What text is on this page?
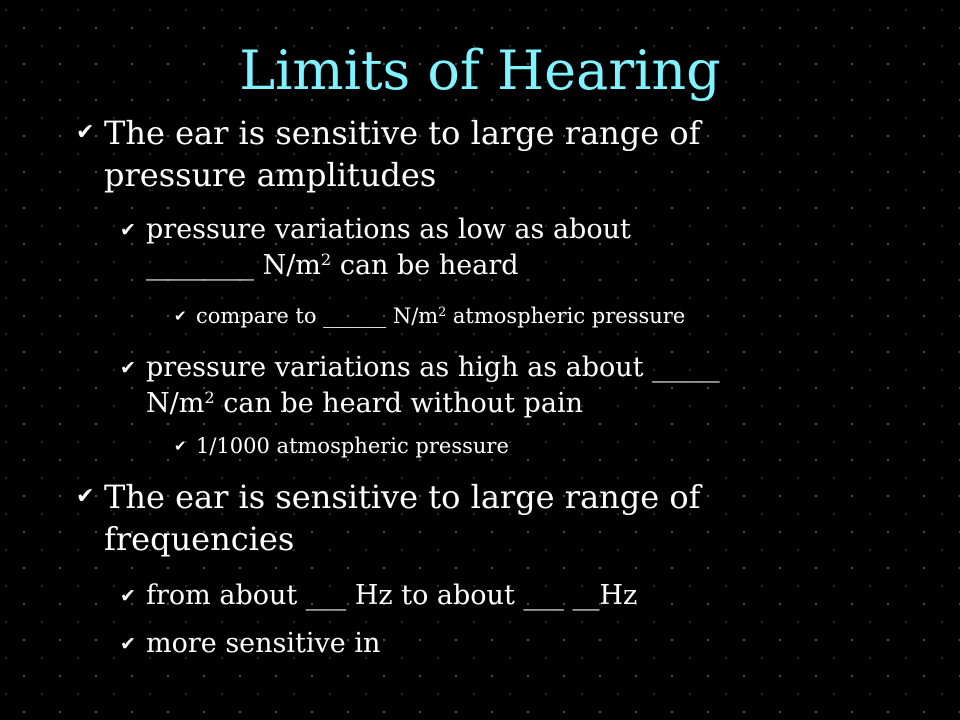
Limits of Hearing
✔ The ear is sensitive to large range of
pressure amplitudes
✔ pressure variations as low as about
________ $N/m^2$ can be heard
✔ compare to ______ $N/m^2$ atmospheric pressure
✔ pressure variations as high as about _____
$N/m^2$ can be heard without pain
✔ 1/1000 atmospheric pressure
✔ The ear is sensitive to large range of
frequencies
✔ from about ___ Hz to about ___ __Hz
✔ more sensitive in
